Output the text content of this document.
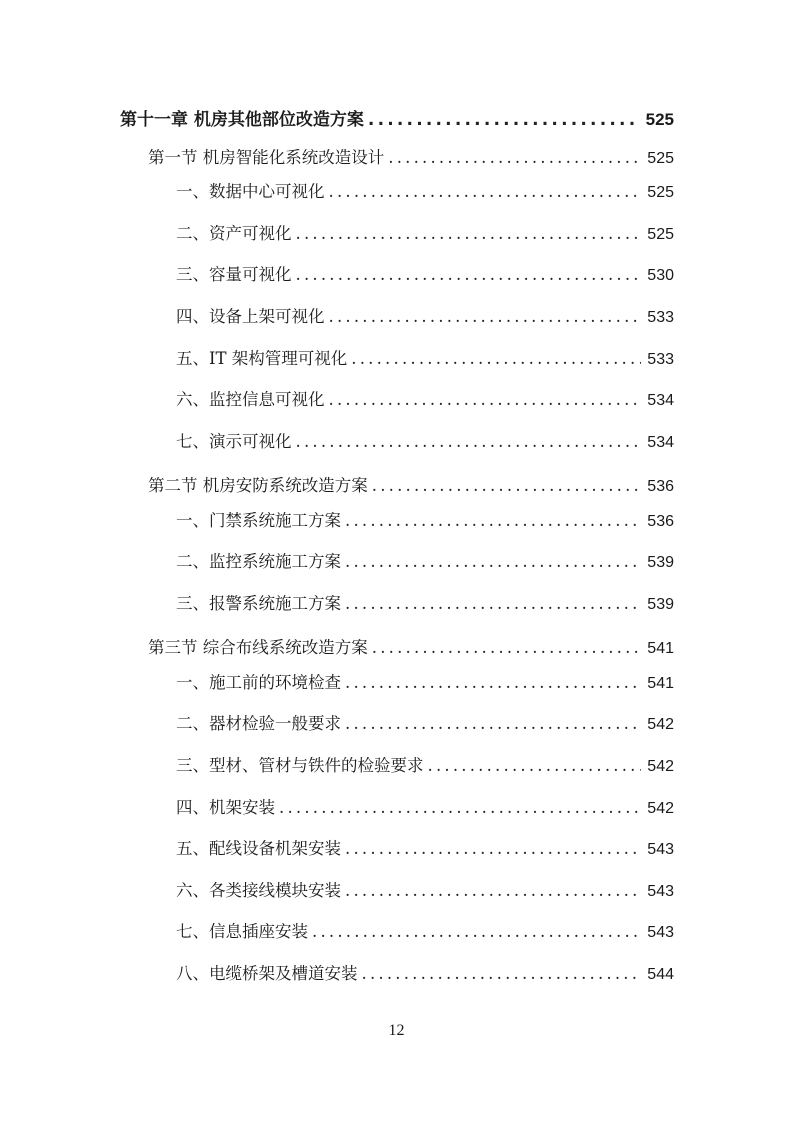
第十一章 机房其他部位改造方案 .....	525
第一节 机房智能化系统改造设计 .....	525
一、数据中心可视化 .....	525
二、资产可视化 .....	525
三、容量可视化 .....	530
四、设备上架可视化 .....	533
五、IT 架构管理可视化 .....	533
六、监控信息可视化 .....	534
七、演示可视化 .....	534
第二节 机房安防系统改造方案 .....	536
一、门禁系统施工方案 .....	536
二、监控系统施工方案 .....	539
三、报警系统施工方案 .....	539
第三节 综合布线系统改造方案 .....	541
一、施工前的环境检查 .....	541
二、器材检验一般要求 .....	542
三、型材、管材与铁件的检验要求 .....	542
四、机架安装 .....	542
五、配线设备机架安装 .....	543
六、各类接线模块安装 .....	543
七、信息插座安装 .....	543
八、电缆桥架及槽道安装 .....	544
12
